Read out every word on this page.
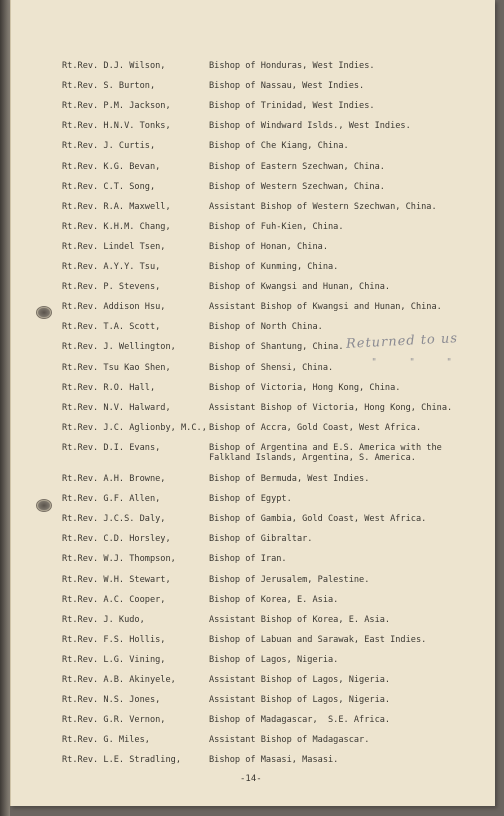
Rt.Rev. D.J. Wilson,	Bishop of Honduras, West Indies.
Rt.Rev. S. Burton,	Bishop of Nassau, West Indies.
Rt.Rev. P.M. Jackson,	Bishop of Trinidad, West Indies.
Rt.Rev. H.N.V. Tonks,	Bishop of Windward Islds., West Indies.
Rt.Rev. J. Curtis,	Bishop of Che Kiang, China.
Rt.Rev. K.G. Bevan,	Bishop of Eastern Szechwan, China.
Rt.Rev. C.T. Song,	Bishop of Western Szechwan, China.
Rt.Rev. R.A. Maxwell,	Assistant Bishop of Western Szechwan, China.
Rt.Rev. K.H.M. Chang,	Bishop of Fuh-Kien, China.
Rt.Rev. Lindel Tsen,	Bishop of Honan, China.
Rt.Rev. A.Y.Y. Tsu,	Bishop of Kunming, China.
Rt.Rev. P. Stevens,	Bishop of Kwangsi and Hunan, China.
Rt.Rev. Addison Hsu,	Assistant Bishop of Kwangsi and Hunan, China.
Rt.Rev. T.A. Scott,	Bishop of North China.
Rt.Rev. J. Wellington,	Bishop of Shantung, China.
Rt.Rev. Tsu Kao Shen,	Bishop of Shensi, China.
Rt.Rev. R.O. Hall,	Bishop of Victoria, Hong Kong, China.
Rt.Rev. N.V. Halward,	Assistant Bishop of Victoria, Hong Kong, China.
Rt.Rev. J.C. Aglionby, M.C., Bishop of Accra, Gold Coast, West Africa.
Rt.Rev. D.I. Evans,	Bishop of Argentina and E.S. America with the
Falkland Islands, Argentina, S. America.
Rt.Rev. A.H. Browne,	Bishop of Bermuda, West Indies.
Rt.Rev. G.F. Allen,	Bishop of Egypt.
Rt.Rev. J.C.S. Daly,	Bishop of Gambia, Gold Coast, West Africa.
Rt.Rev. C.D. Horsley,	Bishop of Gibraltar.
Rt.Rev. W.J. Thompson,	Bishop of Iran.
Rt.Rev. W.H. Stewart,	Bishop of Jerusalem, Palestine.
Rt.Rev. A.C. Cooper,	Bishop of Korea, E. Asia.
Rt.Rev. J. Kudo,	Assistant Bishop of Korea, E. Asia.
Rt.Rev. F.S. Hollis,	Bishop of Labuan and Sarawak, East Indies.
Rt.Rev. L.G. Vining,	Bishop of Lagos, Nigeria.
Rt.Rev. A.B. Akinyele,	Assistant Bishop of Lagos, Nigeria.
Rt.Rev. N.S. Jones,	Assistant Bishop of Lagos, Nigeria.
Rt.Rev. G.R. Vernon,	Bishop of Madagascar,  S.E. Africa.
Rt.Rev. G. Miles,	Assistant Bishop of Madagascar.
Rt.Rev. L.E. Stradling,	Bishop of Masasi, Masasi.
Returned to us
"	"	"
-14-
